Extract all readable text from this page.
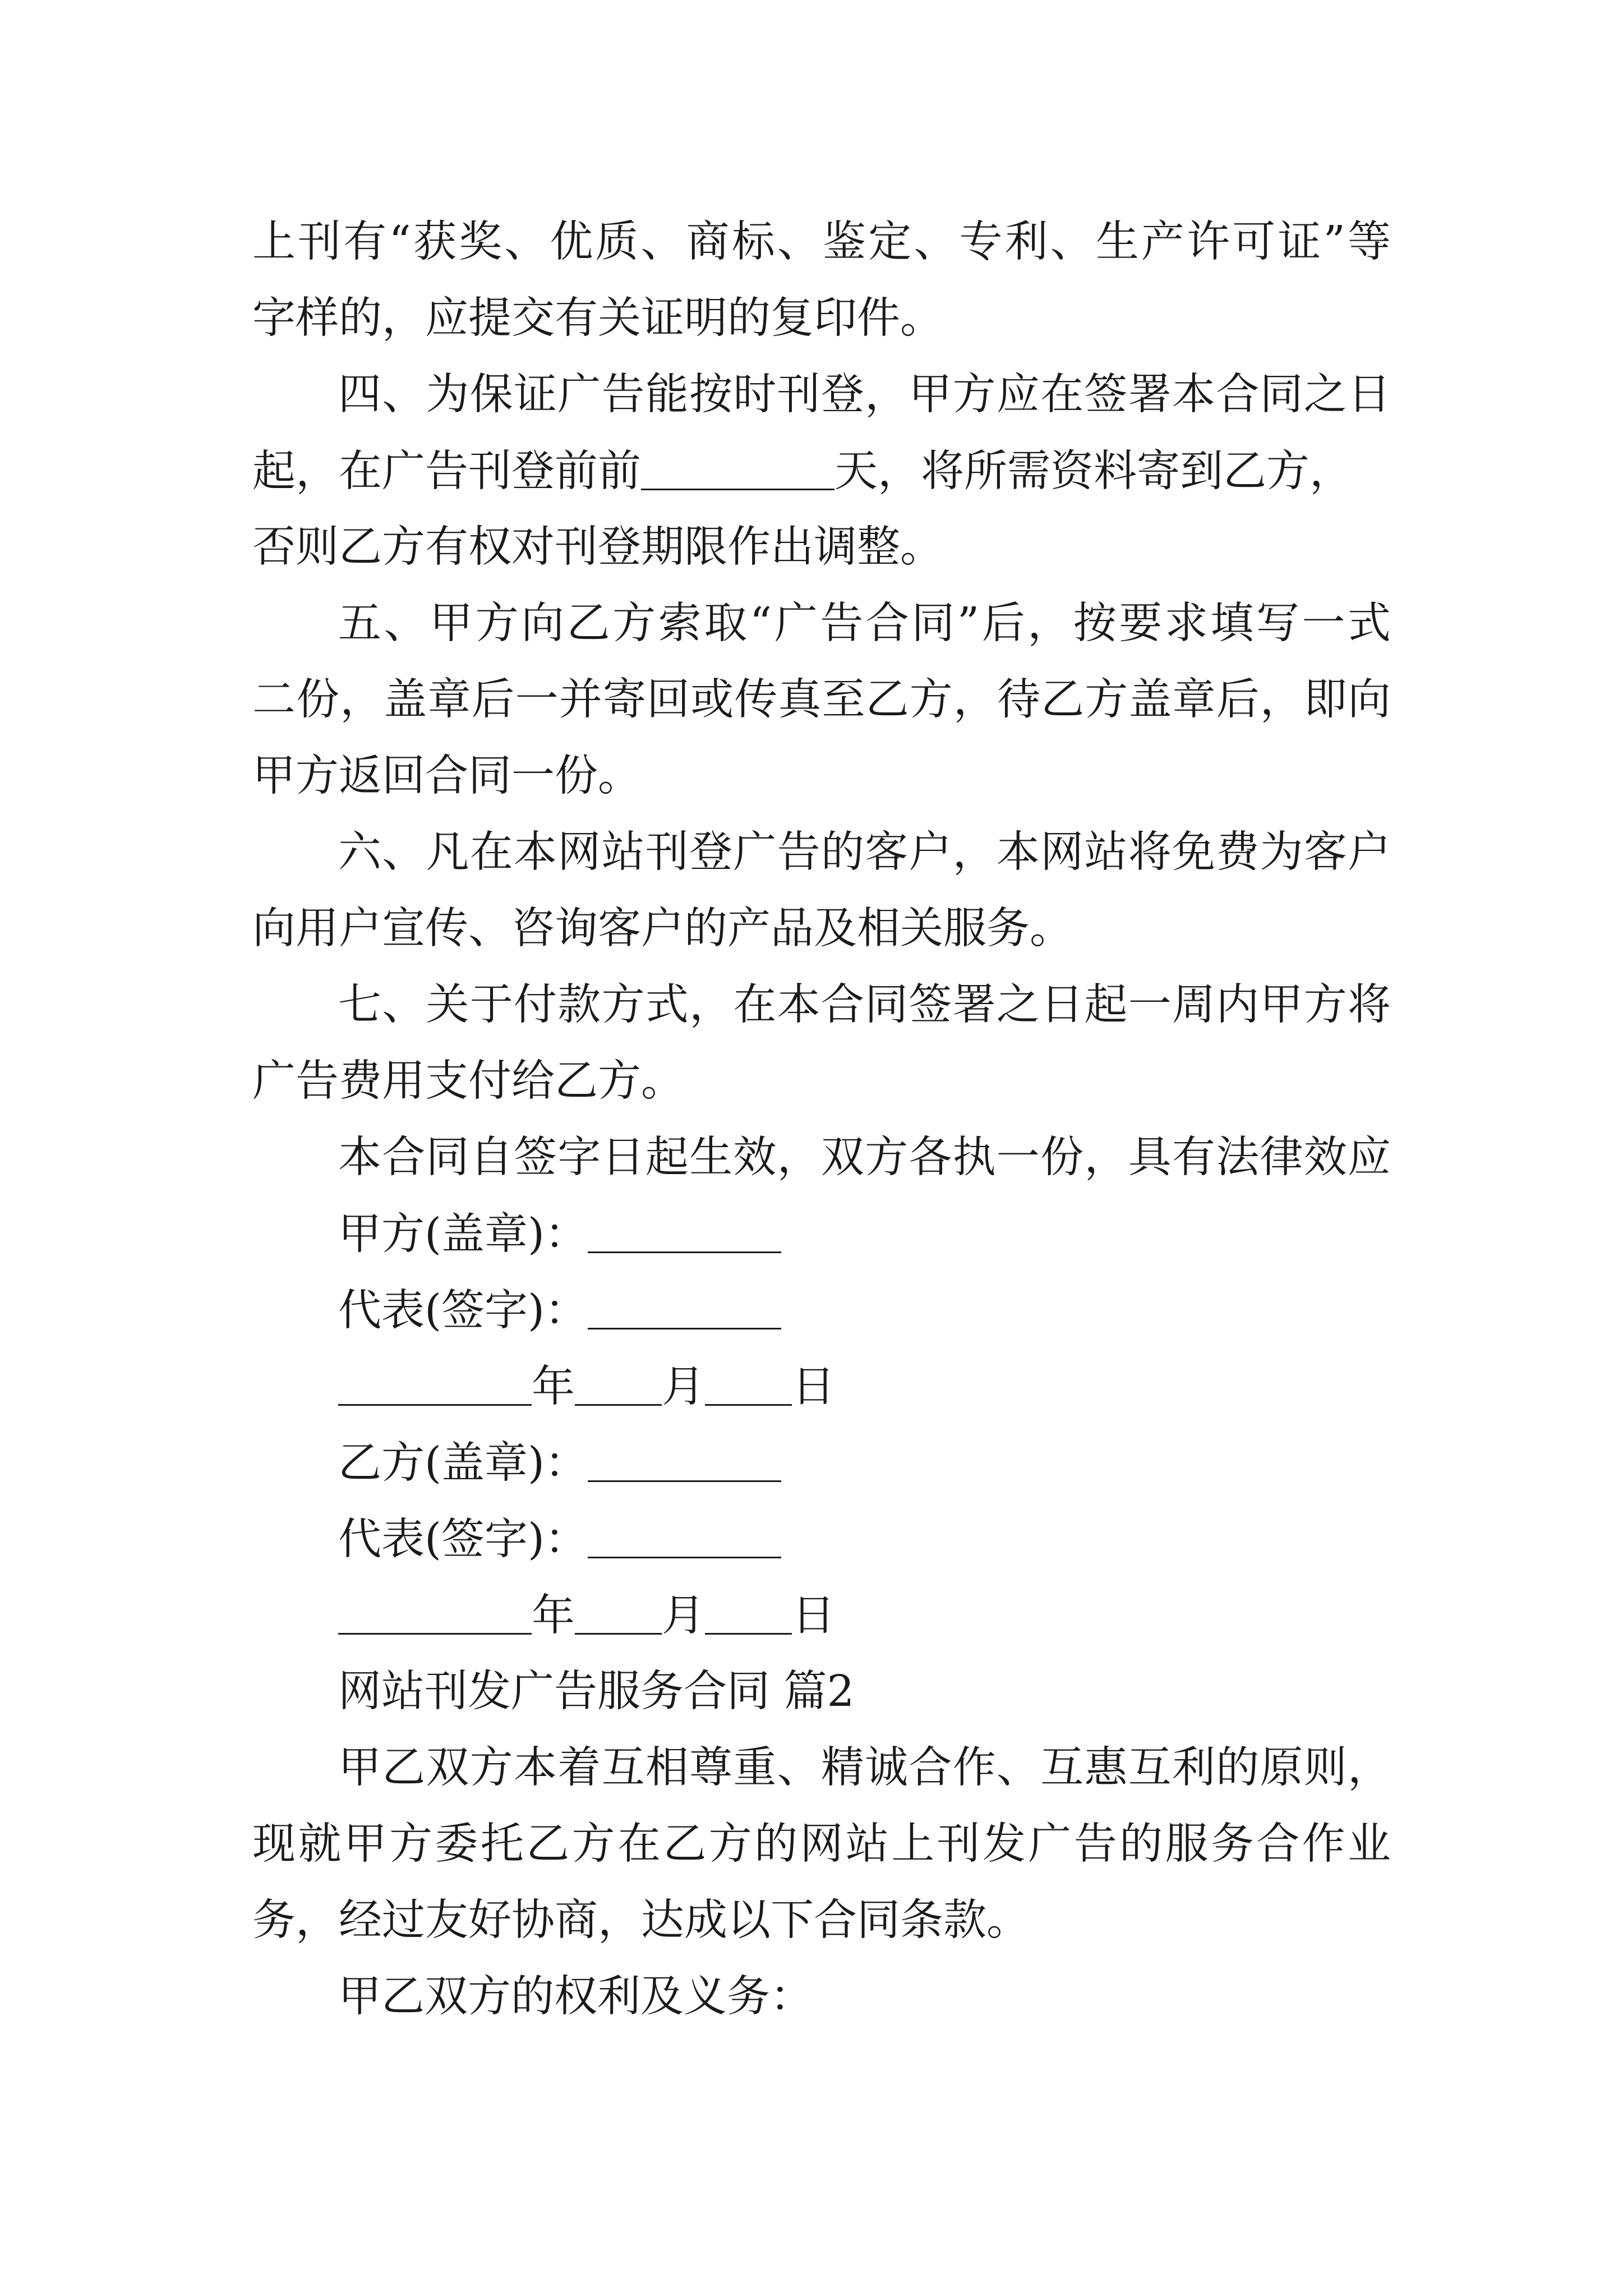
上刊有“获奖、优质、商标、鉴定、专利、生产许可证”等
字样的，应提交有关证明的复印件。
四、为保证广告能按时刊登，甲方应在签署本合同之日
起，在广告刊登前前	天，将所需资料寄到乙方，
否则乙方有权对刊登期限作出调整。
五、甲方向乙方索取“广告合同”后，按要求填写一式
二份，盖章后一并寄回或传真至乙方，待乙方盖章后，即向
甲方返回合同一份。
六、凡在本网站刊登广告的客户，本网站将免费为客户
向用户宣传、咨询客户的产品及相关服务。
七、关于付款方式，在本合同签署之日起一周内甲方将
广告费用支付给乙方。
本合同自签字日起生效，双方各执一份，具有法律效应
甲方(盖章)：
代表(签字)：
年 月 日
乙方(盖章)：
代表(签字)：
年 月 日
网站刊发广告服务合同 篇2
甲乙双方本着互相尊重、精诚合作、互惠互利的原则，
现就甲方委托乙方在乙方的网站上刊发广告的服务合作业
务，经过友好协商，达成以下合同条款。
甲乙双方的权利及义务：
